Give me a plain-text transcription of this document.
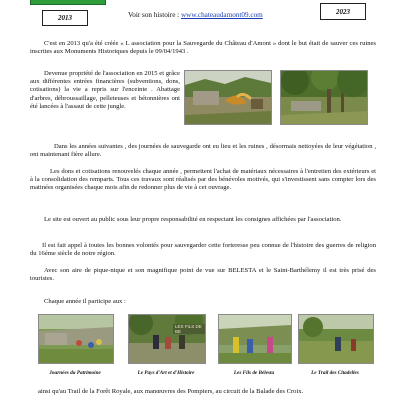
2013
2023
Voir son histoire : www.chateaudamont09.com
C'est en 2013 qu'a été créée « L association pour la Sauvegarde du Château d'Amont » dont le but était de sauver ces ruines inscrites aux Monuments Historiques depuis le 09/04/1943 .
Devenue propriété de l'association en 2015 et grâce aux différentes entrées financières (subventions, dons, cotisations) la vie a repris sur l'enceinte . Abattage d'arbres, débroussaillage, pelleteuses et bétonnières ont été lancées à l'assaut de cette jungle.
Dans les années suivantes , des journées de sauvegarde ont eu lieu et les ruines , désormais nettoyées de leur végétation , ont maintenant fière allure.
Les dons et cotisations renouvelés chaque année , permettent l'achat de matériaux nécessaires à l'entretien des extérieurs et à la consolidation des remparts. Tous ces travaux sont réalisés par des bénévoles motivés, qui s'investissent sans compter lors des matinées organisées chaque mois afin de redonner plus de vie à cet ouvrage.
Le site est ouvert au public sous leur propre responsabilité en respectant les consignes affichées par l'association.
Il est fait appel à toutes les bonnes volontés pour sauvegarder cette forteresse peu connue de l'histoire des guerres de religion du 16éme siècle de notre région.
Avec son aire de pique-nique et son magnifique point de vue sur BELESTA et le Saint-Barthélemy il est très prisé des touristes.
Chaque année il participe aux :
Journées du Patrimoine
LES FILS DE BE
Le Pays d'Art et d'Histoire	Les Fils de Bélesta	Le Trail des Citadelles
ainsi qu'au Trail de la Forêt Royale, aux manœuvres des Pompiers, au circuit de la Balade des Croix.
